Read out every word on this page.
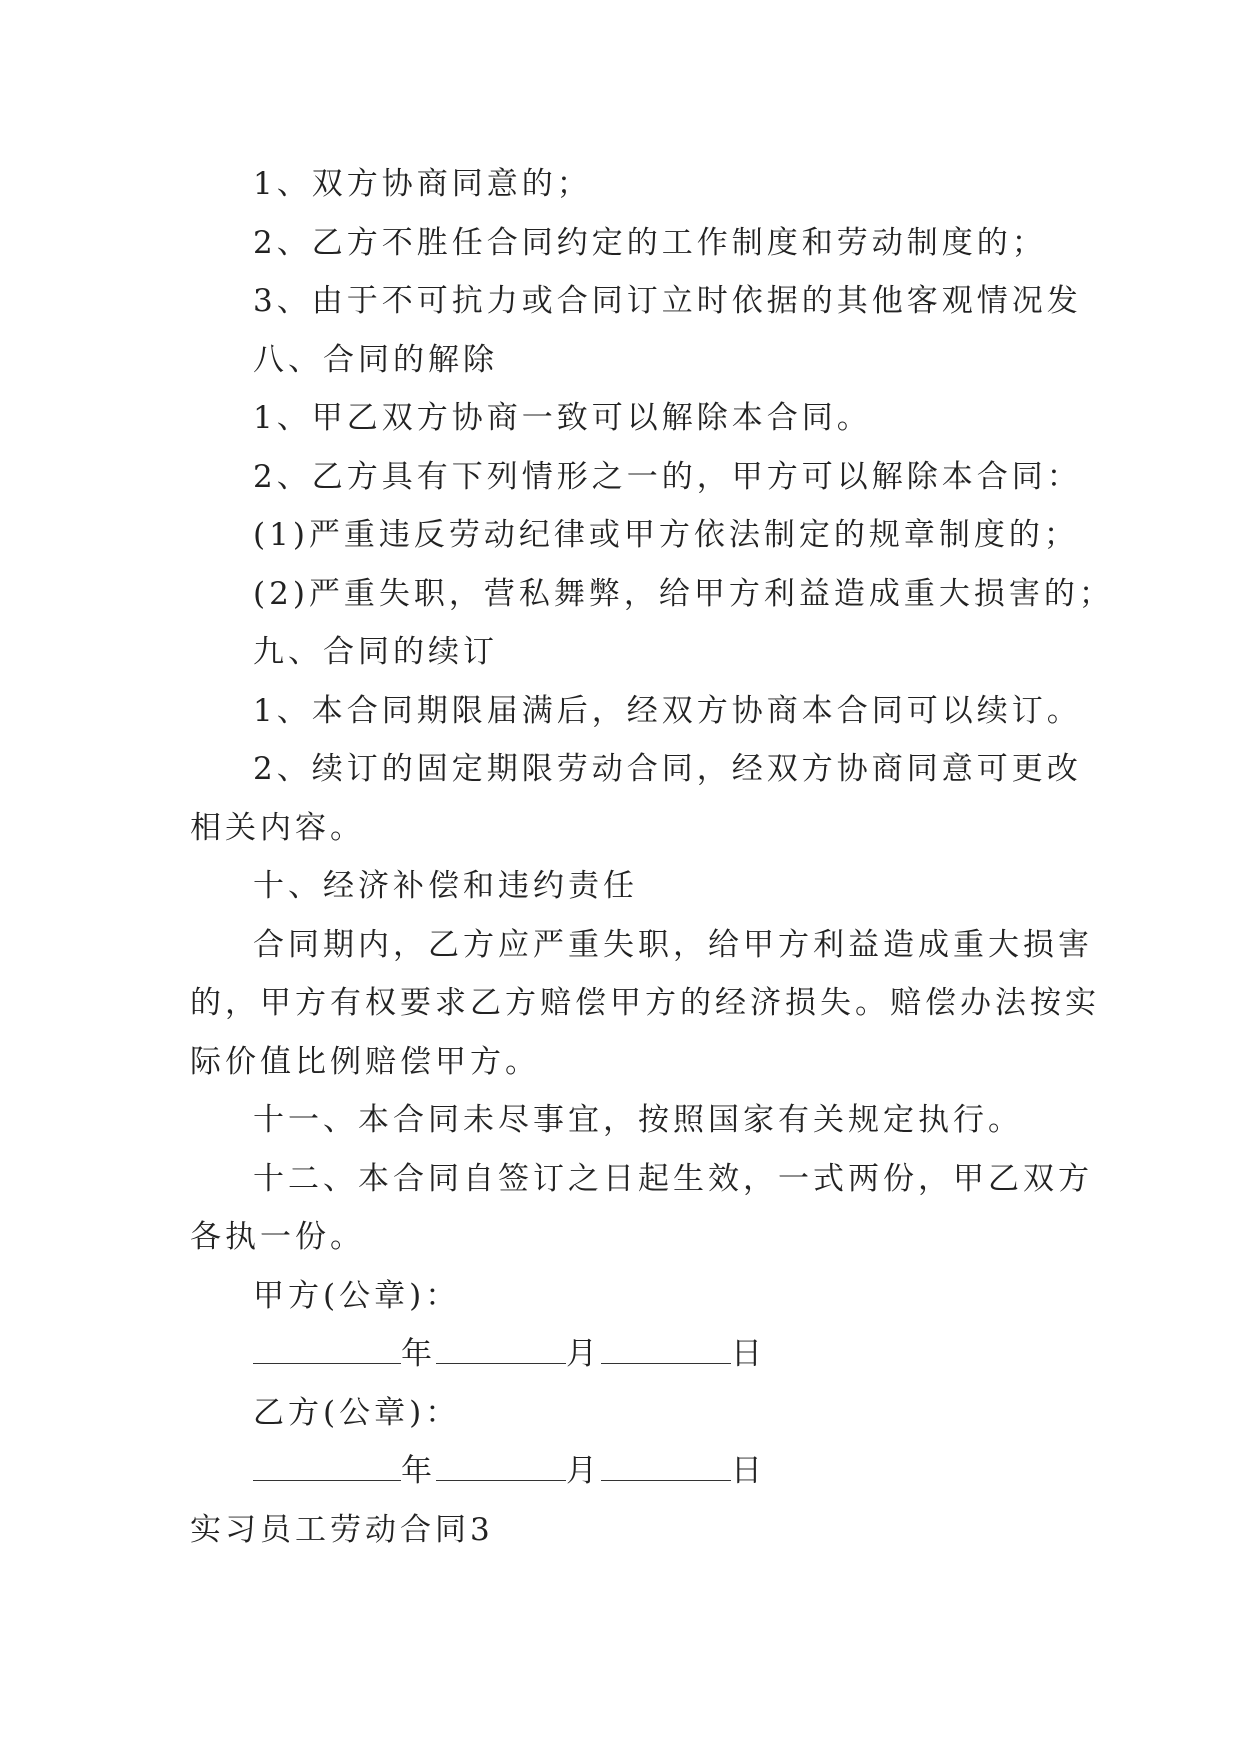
1、双方协商同意的；
2、乙方不胜任合同约定的工作制度和劳动制度的；
3、由于不可抗力或合同订立时依据的其他客观情况发
八、合同的解除
1、甲乙双方协商一致可以解除本合同。
2、乙方具有下列情形之一的，甲方可以解除本合同：
(1)严重违反劳动纪律或甲方依法制定的规章制度的；
(2)严重失职，营私舞弊，给甲方利益造成重大损害的；
九、合同的续订
1、本合同期限届满后，经双方协商本合同可以续订。
2、续订的固定期限劳动合同，经双方协商同意可更改
相关内容。
十、经济补偿和违约责任
合同期内，乙方应严重失职，给甲方利益造成重大损害
的，甲方有权要求乙方赔偿甲方的经济损失。赔偿办法按实
际价值比例赔偿甲方。
十一、本合同未尽事宜，按照国家有关规定执行。
十二、本合同自签订之日起生效，一式两份，甲乙双方
各执一份。
甲方(公章)：
年	月	日
乙方(公章)：
年	月	日
实习员工劳动合同3
